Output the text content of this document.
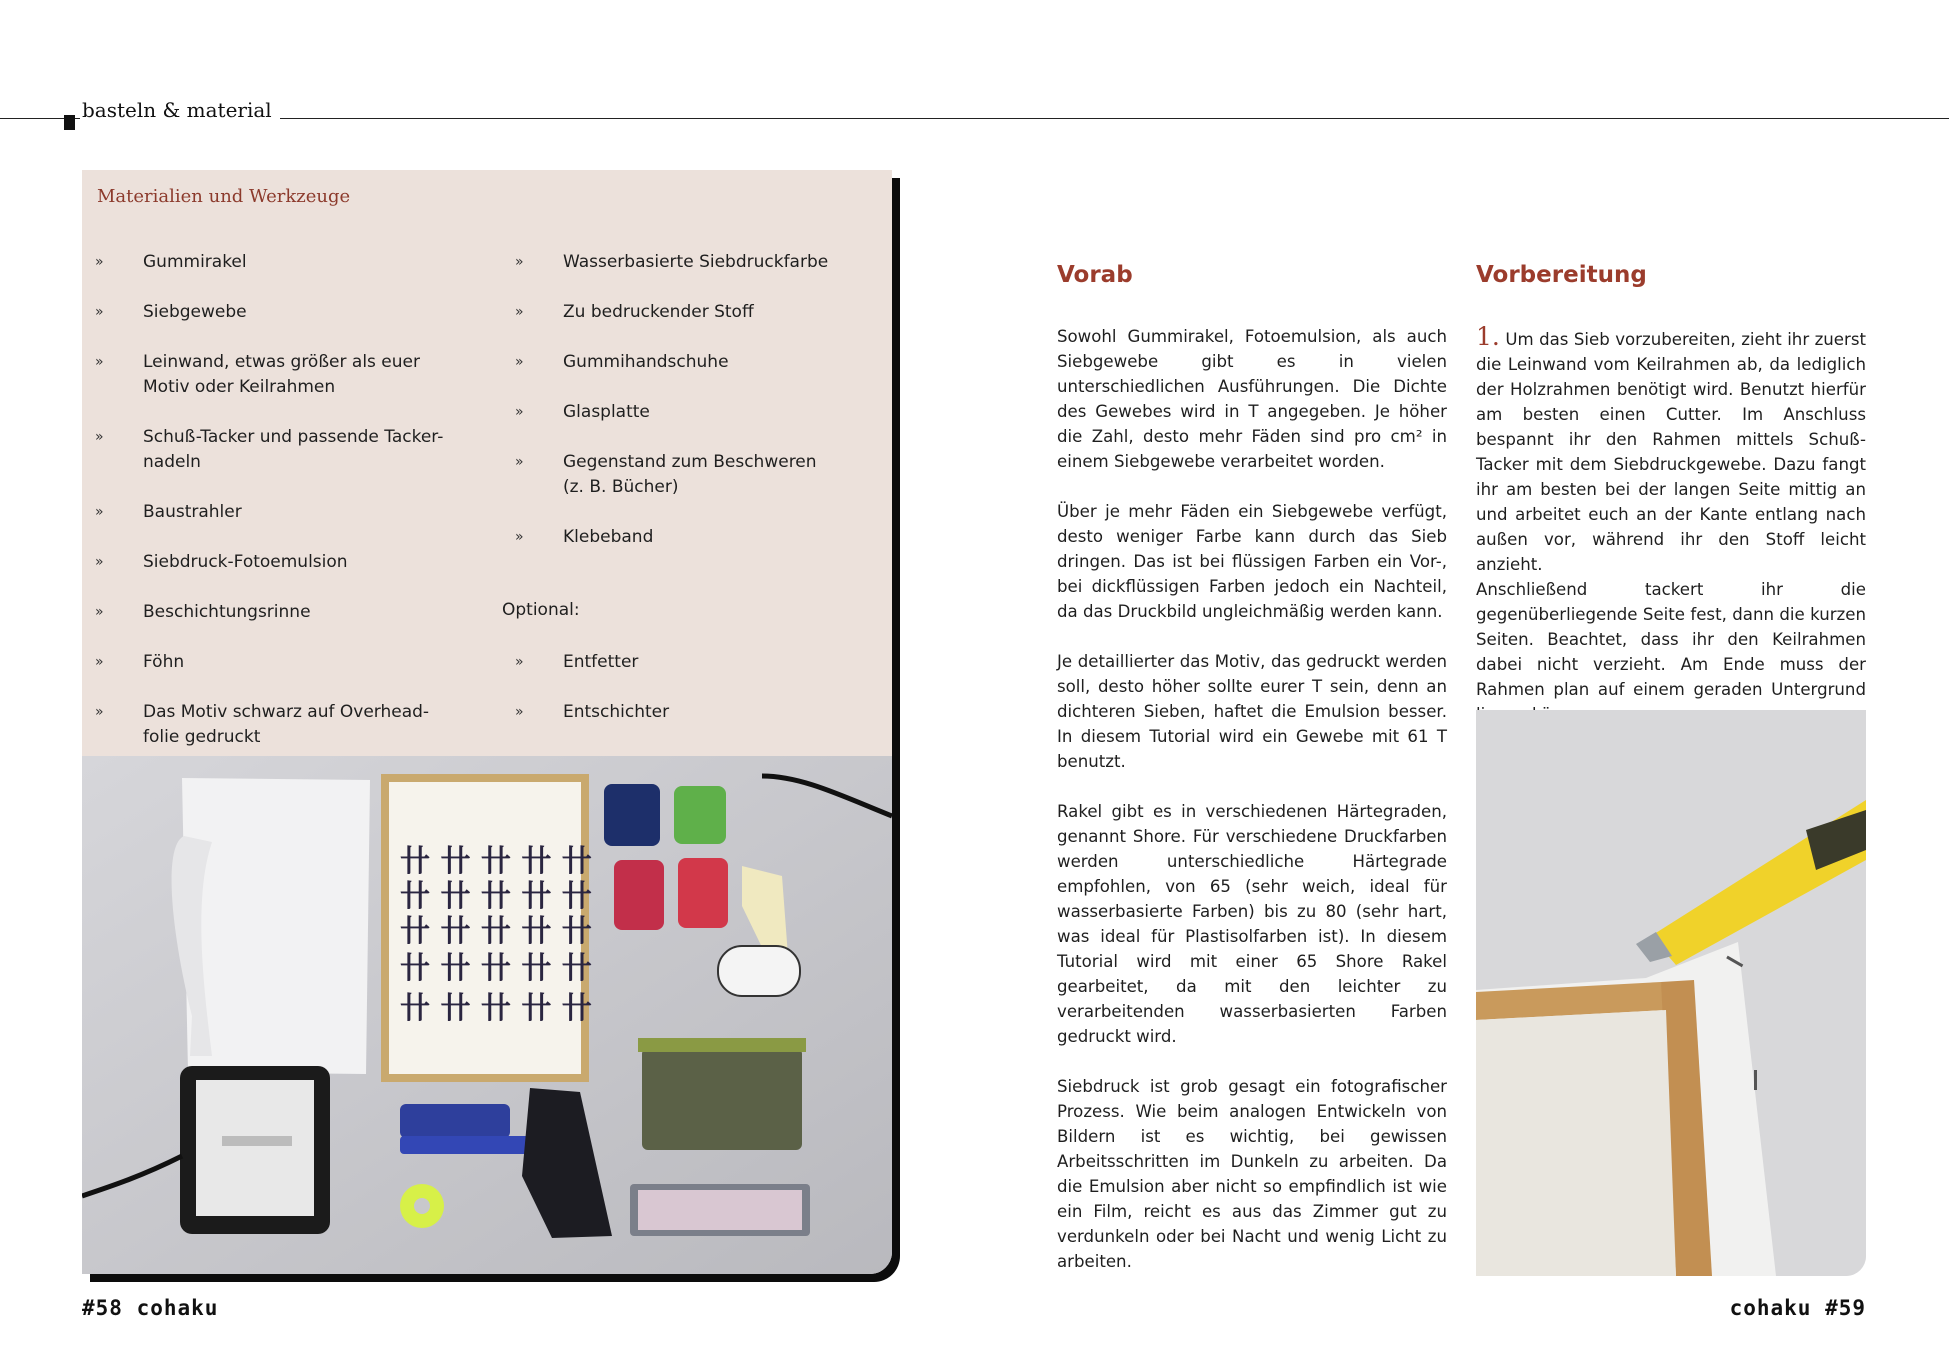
basteln & material
Materialien und Werkzeuge
» Gummirakel
» Siebgewebe
» Leinwand, etwas größer als euer
Motiv oder Keilrahmen
» Schuß-Tacker und passende Tacker-
nadeln
» Baustrahler
» Siebdruck-Fotoemulsion
» Beschichtungsrinne
» Föhn
» Das Motiv schwarz auf Overhead-
folie gedruckt
» Wasserbasierte Siebdruckfarbe
» Zu bedruckender Stoff
» Gummihandschuhe
» Glasplatte
» Gegenstand zum Beschweren
(z. B. Bücher)
» Klebeband
Optional:
» Entfetter
» Entschichter
卄 卄 卄 卄 卄
卄 卄 卄 卄 卄
卄 卄 卄 卄 卄
卄 卄 卄 卄 卄
卄 卄 卄 卄 卄
Vorab

Sowohl Gummirakel, Fotoemulsion, als auch Siebgewebe gibt es in vielen unterschiedlichen Ausführungen. Die Dichte des Gewebes wird in T angegeben. Je höher die Zahl, desto mehr Fäden sind pro cm² in einem Siebgewebe verarbeitet worden.

Über je mehr Fäden ein Siebgewebe verfügt, desto weniger Farbe kann durch das Sieb dringen. Das ist bei flüssigen Farben ein Vor-, bei dickflüssigen Farben jedoch ein Nachteil, da das Druckbild ungleichmäßig werden kann.

Je detaillierter das Motiv, das gedruckt werden soll, desto höher sollte eurer T sein, denn an dichteren Sieben, haftet die Emulsion besser. In diesem Tutorial wird ein Gewebe mit 61 T benutzt.

Rakel gibt es in verschiedenen Härtegraden, genannt Shore. Für verschiedene Druckfarben werden unterschiedliche Härtegrade empfohlen, von 65 (sehr weich, ideal für wasserbasierte Farben) bis zu 80 (sehr hart, was ideal für Plastisolfarben ist). In diesem Tutorial wird mit einer 65 Shore Rakel gearbeitet, da mit den leichter zu verarbeitenden wasserbasierten Farben gedruckt wird.

Siebdruck ist grob gesagt ein fotografischer Prozess. Wie beim analogen Entwickeln von Bildern ist es wichtig, bei gewissen Arbeitsschritten im Dunkeln zu arbeiten. Da die Emulsion aber nicht so empfindlich ist wie ein Film, reicht es aus das Zimmer gut zu verdunkeln oder bei Nacht und wenig Licht zu arbeiten.

Vorbereitung
1. Um das Sieb vorzubereiten, zieht ihr zuerst die Leinwand vom Keilrahmen ab, da lediglich der Holzrahmen benötigt wird. Benutzt hierfür am besten einen Cutter. Im Anschluss bespannt ihr den Rahmen mittels Schuß-Tacker mit dem Siebdruckgewebe. Dazu fangt ihr am besten bei der langen Seite mittig an und arbeitet euch an der Kante entlang nach außen vor, während ihr den Stoff leicht anzieht.
Anschließend tackert ihr die gegenüberliegende Seite fest, dann die kurzen Seiten. Beachtet, dass ihr den Keilrahmen dabei nicht verzieht. Am Ende muss der Rahmen plan auf einem geraden Untergrund
#58 cohaku	cohaku #59
